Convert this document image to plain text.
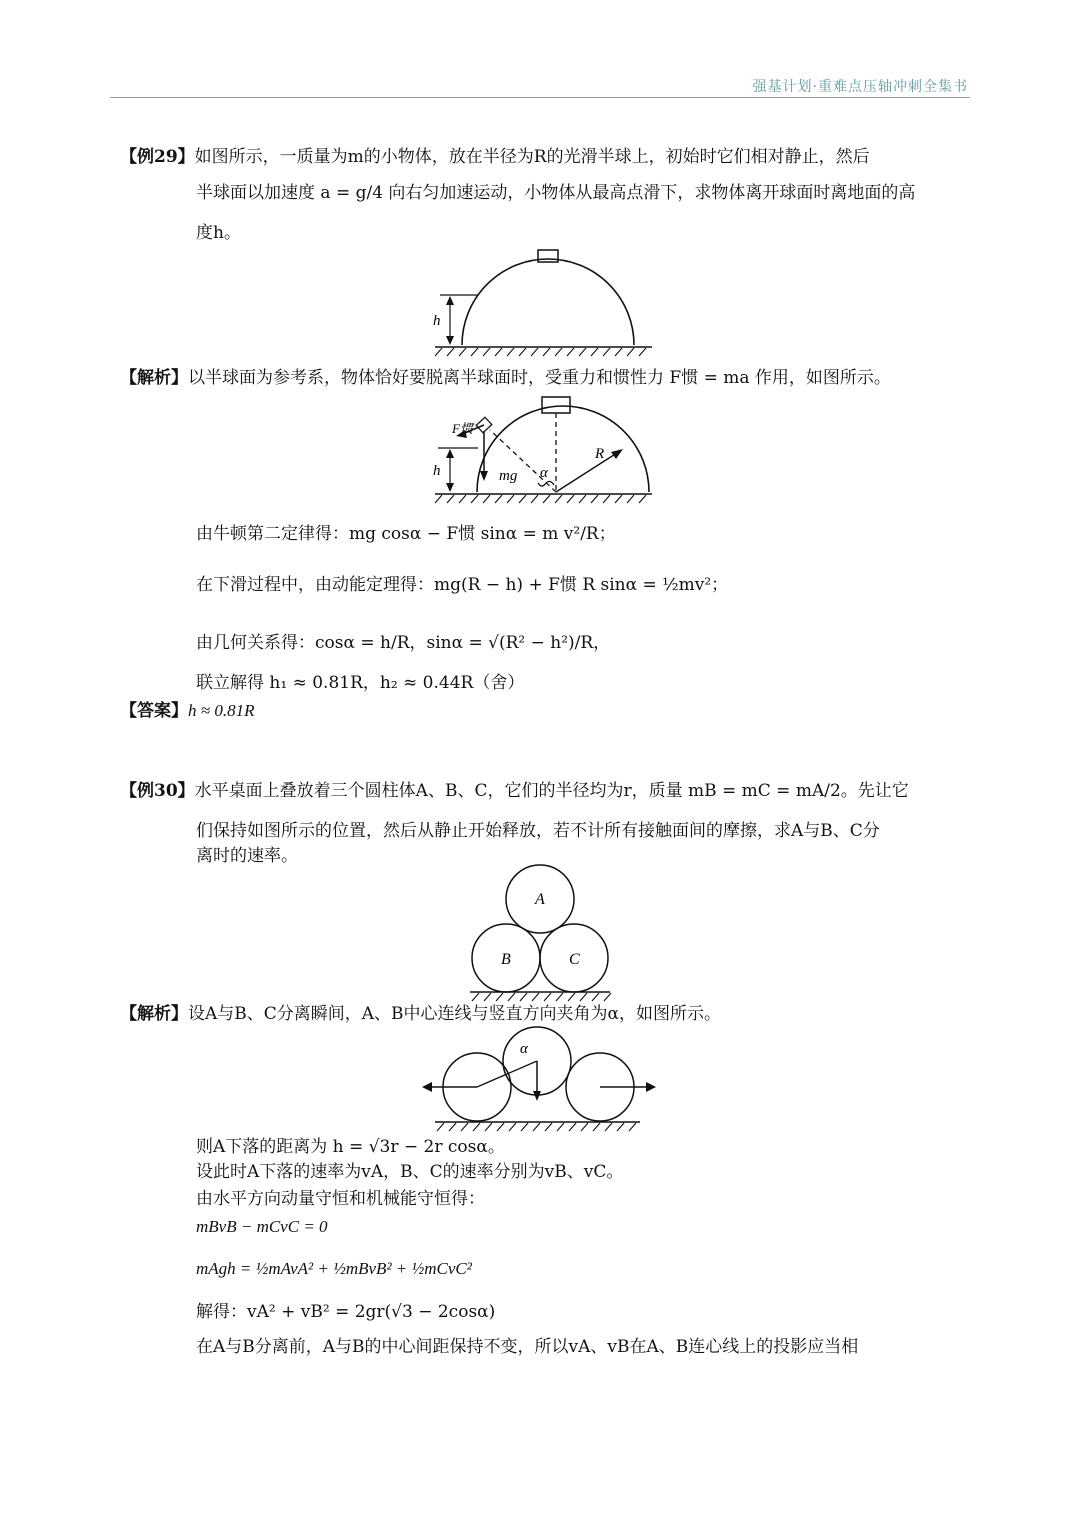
强基计划·重难点压轴冲刺全集书
【例29】如图所示，一质量为m的小物体，放在半径为R的光滑半球上，初始时它们相对静止，然后
半球面以加速度 a = g/4 向右匀加速运动，小物体从最高点滑下，求物体离开球面时离地面的高
度h。
h
【解析】以半球面为参考系，物体恰好要脱离半球面时，受重力和惯性力 F惯 = ma 作用，如图所示。
h
F惯
mg α
R
由牛顿第二定律得：mg cosα − F惯 sinα = m v²/R；
在下滑过程中，由动能定理得：mg(R − h) + F惯 R sinα = ½mv²；
由几何关系得：cosα = h/R，sinα = √(R² − h²)/R，
联立解得 h₁ ≈ 0.81R，h₂ ≈ 0.44R（舍）
【答案】h ≈ 0.81R
【例30】水平桌面上叠放着三个圆柱体A、B、C，它们的半径均为r，质量 mB = mC = mA/2。先让它
们保持如图所示的位置，然后从静止开始释放，若不计所有接触面间的摩擦，求A与B、C分
离时的速率。
A
B	C
【解析】设A与B、C分离瞬间，A、B中心连线与竖直方向夹角为α，如图所示。
α
则A下落的距离为 h = √3r − 2r cosα。
设此时A下落的速率为vA，B、C的速率分别为vB、vC。
由水平方向动量守恒和机械能守恒得：
mBvB − mCvC = 0
mAgh = ½mAvA² + ½mBvB² + ½mCvC²
解得：vA² + vB² = 2gr(√3 − 2cosα)
在A与B分离前，A与B的中心间距保持不变，所以vA、vB在A、B连心线上的投影应当相
